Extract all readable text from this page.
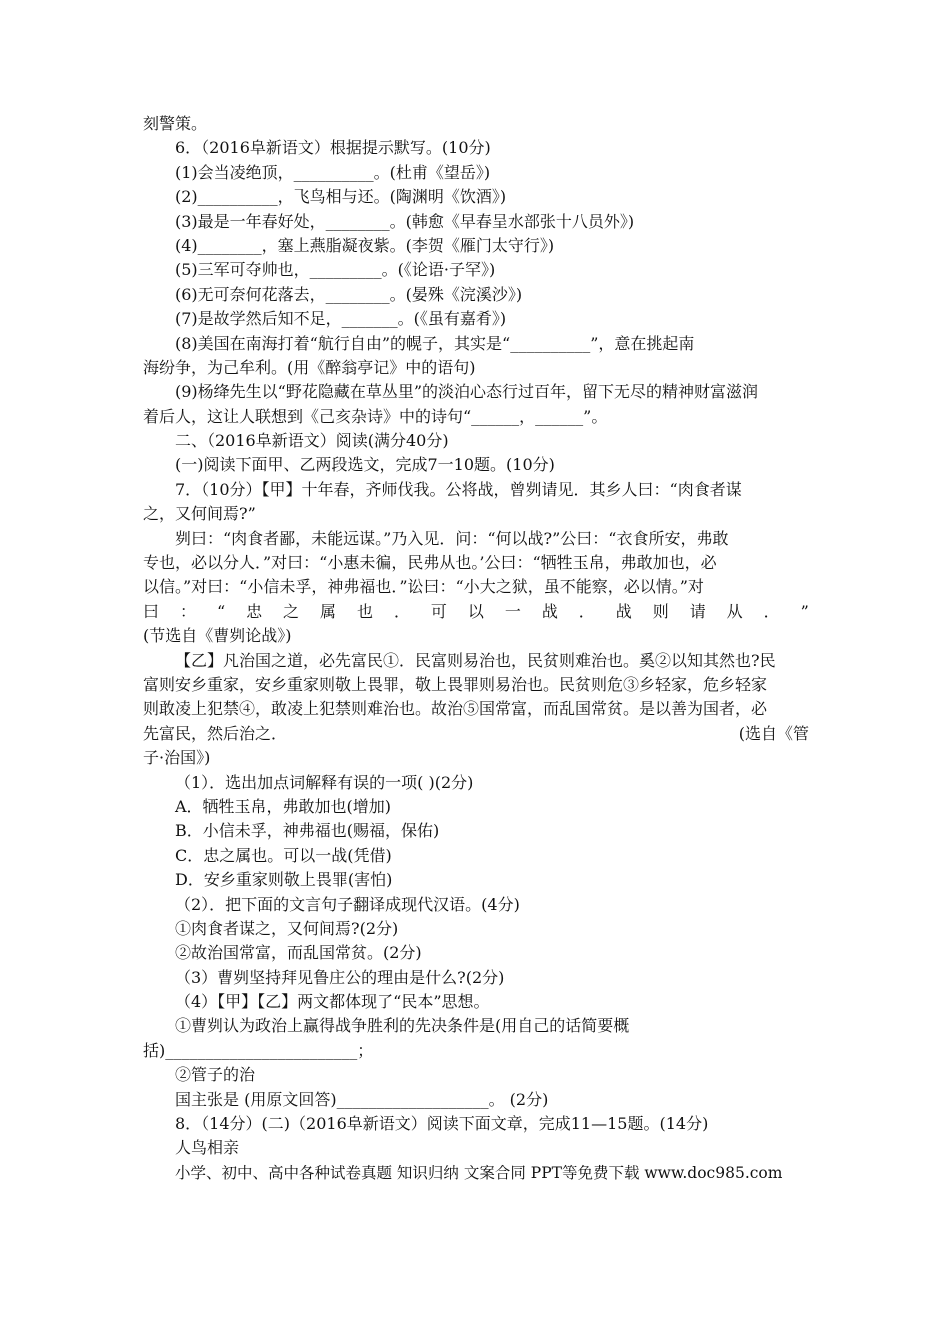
刻警策。
6．（2016阜新语文）根据提示默写。(10分)
(1)会当凌绝顶，__________。(杜甫《望岳》)
(2)__________，飞鸟相与还。(陶渊明《饮酒》)
(3)最是一年春好处，________。(韩愈《早春呈水部张十八员外》)
(4)________，塞上燕脂凝夜紫。(李贺《雁门太守行》)
(5)三军可夺帅也，_________。(《论语·子罕》)
(6)无可奈何花落去，________。(晏殊《浣溪沙》)
(7)是故学然后知不足，_______。(《虽有嘉肴》)
(8)美国在南海打着“航行自由”的幌子，其实是“__________”，意在挑起南
海纷争，为己牟利。(用《醉翁亭记》中的语句)
(9)杨绛先生以“野花隐藏在草丛里”的淡泊心态行过百年，留下无尽的精神财富滋润
着后人，这让人联想到《己亥杂诗》中的诗句“______，______”。
二、（2016阜新语文）阅读(满分40分)
(一)阅读下面甲、乙两段选文，完成7一10题。(10分)
7．（10分）【甲】十年春，齐师伐我。公将战，曾刿请见．其乡人曰：“肉食者谋
之，又何间焉?”
刿曰：“肉食者鄙，未能远谋。”乃入见．问：“何以战?”公曰：“衣食所安，弗敢
专也，必以分人．”对曰：“小惠未徧，民弗从也。’公曰：“牺牲玉帛，弗敢加也，必
以信。”对曰：“小信未孚，神弗福也．”讼曰：“小大之狱，虽不能察，必以情。”对
曰 ： “ 忠 之 属 也 ． 可 以 一 战 ． 战 则 请 从 ． ”
(节选自《曹刿论战》)
【乙】凡治国之道，必先富民①．民富则易治也，民贫则难治也。奚②以知其然也?民
富则安乡重家，安乡重家则敬上畏罪，敬上畏罪则易治也。民贫则危③乡轻家，危乡轻家
则敢凌上犯禁④，敢凌上犯禁则难治也。故治⑤国常富，而乱国常贫。是以善为国者，必
先富民，然后治之．	(选自《管
子·治国》)
（1）．选出加点词解释有误的一项( )(2分)
A．牺牲玉帛，弗敢加也(增加)
B．小信未孚，神弗福也(赐福，保佑)
C．忠之属也。可以一战(凭借)
D．安乡重家则敬上畏罪(害怕)
（2）．把下面的文言句子翻译成现代汉语。(4分)
①肉食者谋之，又何间焉?(2分)
②故治国常富，而乱国常贫。(2分)
（3）曹刿坚持拜见鲁庄公的理由是什么?(2分)
（4）【甲】【乙】两文都体现了“民本”思想。
①曹刿认为政治上赢得战争胜利的先决条件是(用自己的话简要概
括)________________________；
②管子的治
国主张是 (用原文回答)___________________。 (2分)
8．（14分）(二)（2016阜新语文）阅读下面文章，完成11—15题。(14分)
人鸟相亲
小学、初中、高中各种试卷真题 知识归纳 文案合同 PPT等免费下载 www.doc985.com
